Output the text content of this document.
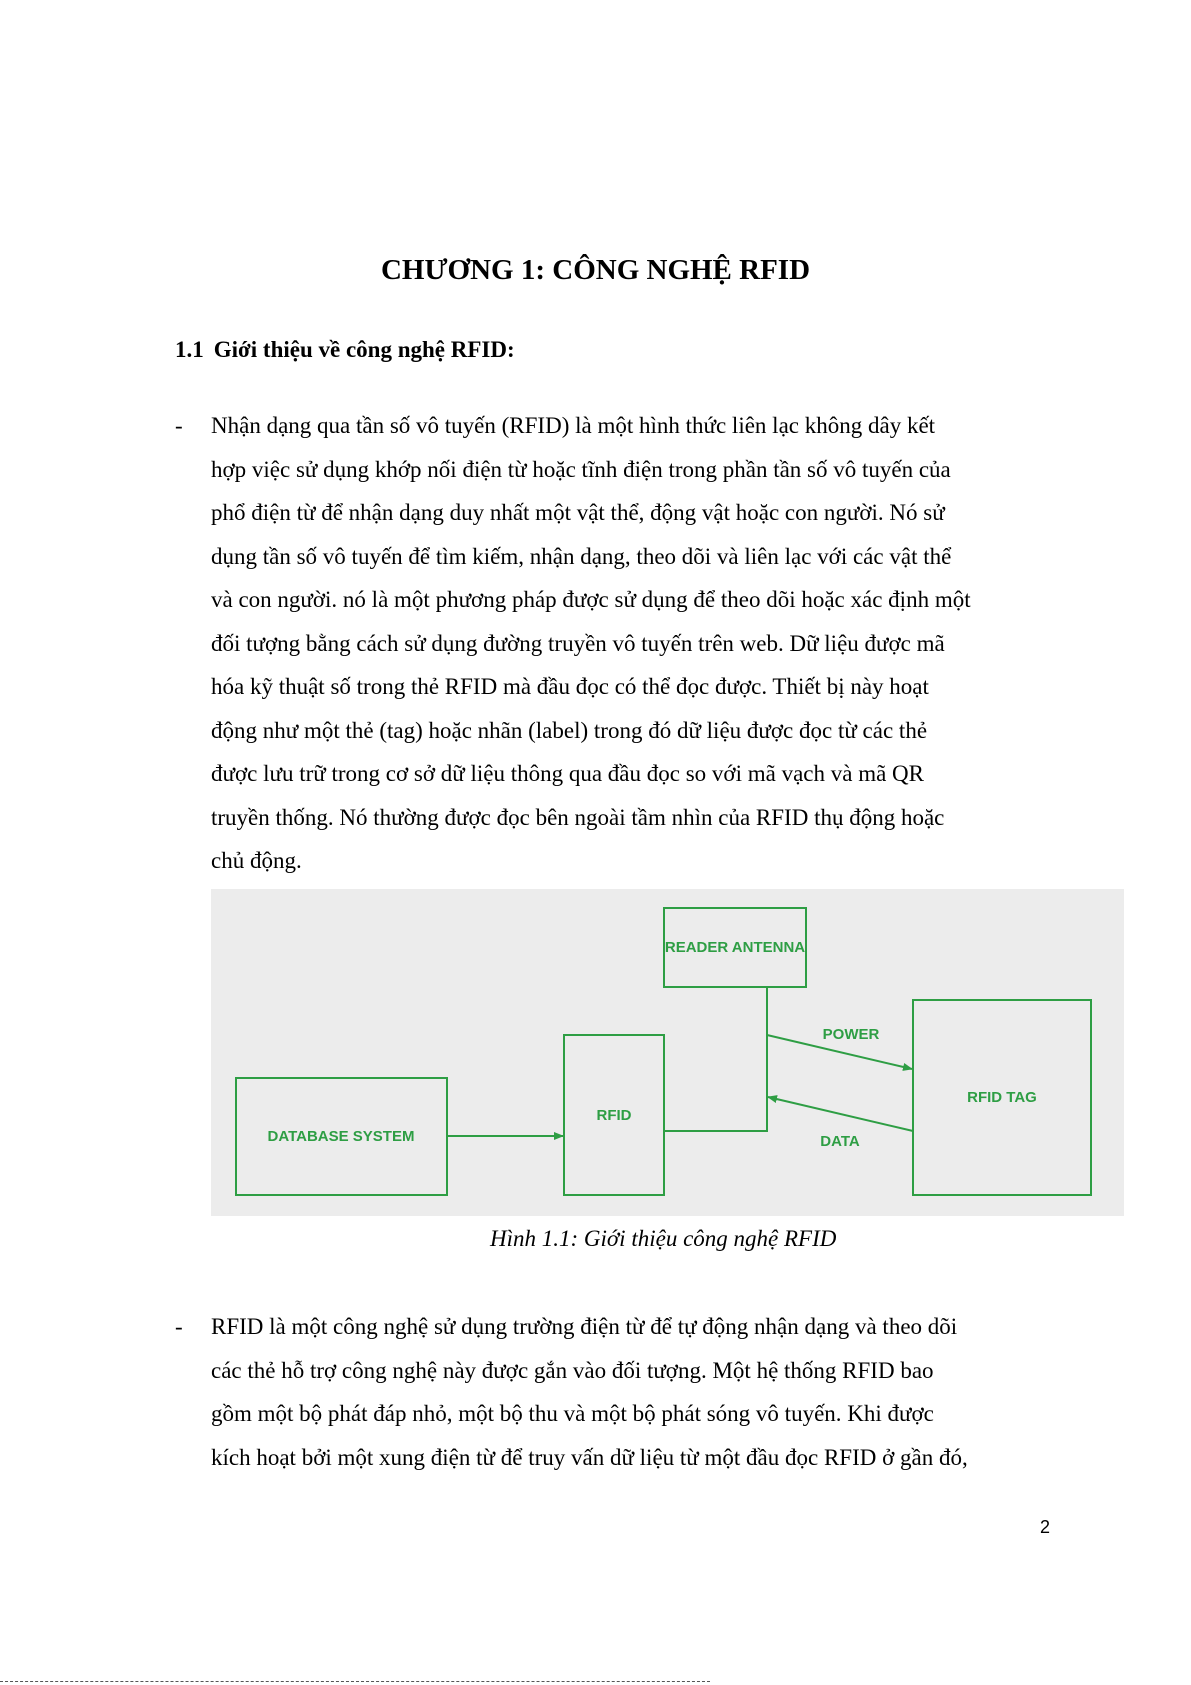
CHƯƠNG 1: CÔNG NGHỆ RFID
1.1 Giới thiệu về công nghệ RFID:
- Nhận dạng qua tần số vô tuyến (RFID) là một hình thức liên lạc không dây kết
hợp việc sử dụng khớp nối điện từ hoặc tĩnh điện trong phần tần số vô tuyến của
phổ điện từ để nhận dạng duy nhất một vật thể, động vật hoặc con người. Nó sử
dụng tần số vô tuyến để tìm kiếm, nhận dạng, theo dõi và liên lạc với các vật thể
và con người. nó là một phương pháp được sử dụng để theo dõi hoặc xác định một
đối tượng bằng cách sử dụng đường truyền vô tuyến trên web. Dữ liệu được mã
hóa kỹ thuật số trong thẻ RFID mà đầu đọc có thể đọc được. Thiết bị này hoạt
động như một thẻ (tag) hoặc nhãn (label) trong đó dữ liệu được đọc từ các thẻ
được lưu trữ trong cơ sở dữ liệu thông qua đầu đọc so với mã vạch và mã QR
truyền thống. Nó thường được đọc bên ngoài tầm nhìn của RFID thụ động hoặc
chủ động.
READER ANTENNA
POWER
RFID TAG
RFID
DATA
DATABASE SYSTEM

Hình 1.1: Giới thiệu công nghệ RFID

- RFID là một công nghệ sử dụng trường điện từ để tự động nhận dạng và theo dõi
các thẻ hỗ trợ công nghệ này được gắn vào đối tượng. Một hệ thống RFID bao
gồm một bộ phát đáp nhỏ, một bộ thu và một bộ phát sóng vô tuyến. Khi được
kích hoạt bởi một xung điện từ để truy vấn dữ liệu từ một đầu đọc RFID ở gần đó,
2
